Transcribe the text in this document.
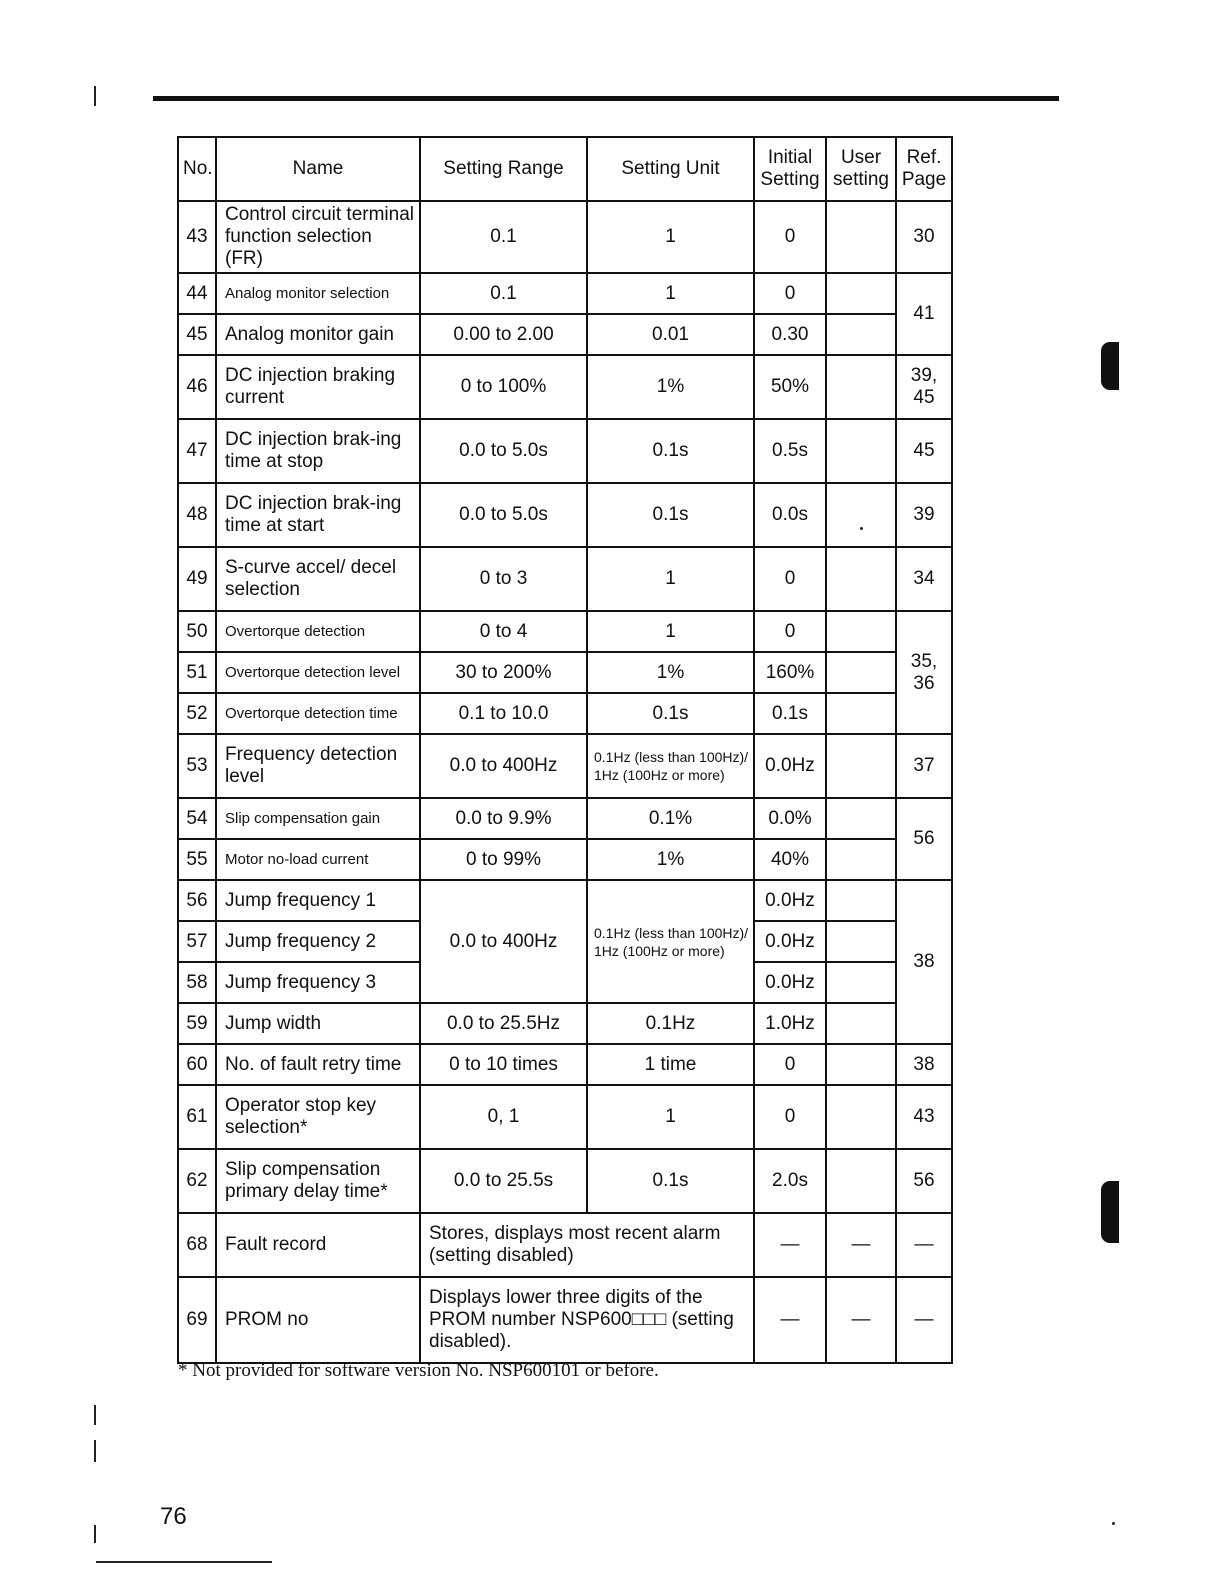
No.	Name	Setting Range	Setting Unit	Initial Setting	User setting	Ref. Page
43	Control circuit terminal function selection (FR)	0.1	1	0		30
44	Analog monitor selection	0.1	1	0		41
45	Analog monitor gain	0.00 to 2.00	0.01	0.30		
46	DC injection braking current	0 to 100%	1%	50%		39, 45
47	DC injection brak-ing time at stop	0.0 to 5.0s	0.1s	0.5s		45
48	DC injection brak-ing time at start	0.0 to 5.0s	0.1s	0.0s		39
49	S-curve accel/ decel selection	0 to 3	1	0		34
50	Overtorque detection	0 to 4	1	0		35, 36
51	Overtorque detection level	30 to 200%	1%	160%		
52	Overtorque detection time	0.1 to 10.0	0.1s	0.1s		
53	Frequency detection level	0.0 to 400Hz	0.1Hz (less than 100Hz)/ 1Hz (100Hz or more)	0.0Hz		37
54	Slip compensation gain	0.0 to 9.9%	0.1%	0.0%		56
55	Motor no-load current	0 to 99%	1%	40%		
56	Jump frequency 1	0.0 to 400Hz	0.1Hz (less than 100Hz)/ 1Hz (100Hz or more)	0.0Hz		38
57	Jump frequency 2			0.0Hz		
58	Jump frequency 3			0.0Hz		
59	Jump width	0.0 to 25.5Hz	0.1Hz	1.0Hz		
60	No. of fault retry time	0 to 10 times	1 time	0		38
61	Operator stop key selection*	0, 1	1	0		43
62	Slip compensation primary delay time*	0.0 to 25.5s	0.1s	2.0s		56
68	Fault record	Stores, displays most recent alarm (setting disabled)		—	—	—
69	PROM no	Displays lower three digits of the PROM number NSP600□□□ (setting disabled).		—	—	—
* Not provided for software version No. NSP600101 or before.
76
